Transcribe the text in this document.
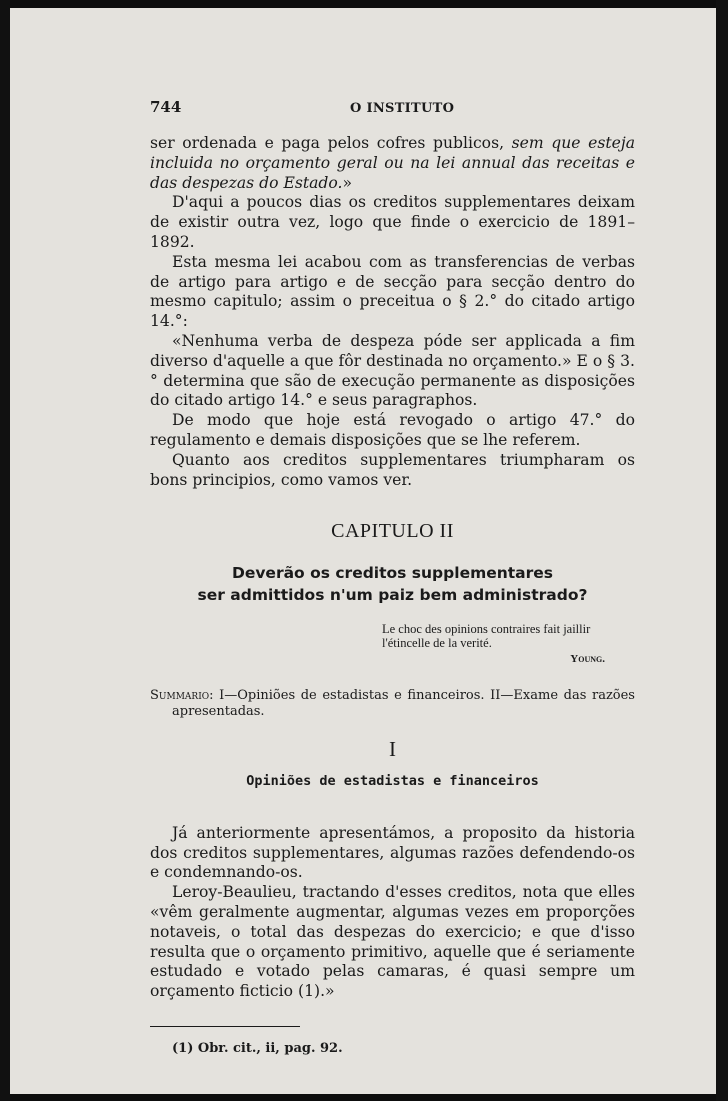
744	O INSTITUTO

ser ordenada e paga pelos cofres publicos, sem que esteja incluida no orçamento geral ou na lei annual das receitas e das despezas do Estado.»

D'aqui a poucos dias os creditos supplementares deixam de existir outra vez, logo que finde o exercicio de 1891–1892.

Esta mesma lei acabou com as transferencias de verbas de artigo para artigo e de secção para secção dentro do mesmo capitulo; assim o preceitua o § 2.° do citado artigo 14.°:

«Nenhuma verba de despeza póde ser applicada a fim diverso d'aquelle a que fôr destinada no orçamento.» E o § 3.° determina que são de execução permanente as disposições do citado artigo 14.° e seus paragraphos.

De modo que hoje está revogado o artigo 47.° do regulamento e demais disposições que se lhe referem.

Quanto aos creditos supplementares triumpharam os bons principios, como vamos ver.

CAPITULO II
Deverão os creditos supplementares
ser admittidos n'um paiz bem administrado?
Le choc des opinions contraires fait jaillir
l'étincelle de la verité.
Young.

Summario: I—Opiniões de estadistas e financeiros. II—Exame das razões apresentadas.

I
Opiniões de estadistas e financeiros

Já anteriormente apresentámos, a proposito da historia dos creditos supplementares, algumas razões defendendo-os e condemnando-os.

Leroy-Beaulieu, tractando d'esses creditos, nota que elles «vêm geralmente augmentar, algumas vezes em proporções notaveis, o total das despezas do exercicio; e que d'isso resulta que o orçamento primitivo, aquelle que é seriamente estudado e votado pelas camaras, é quasi sempre um orçamento ficticio (1).»

(1) Obr. cit., ii, pag. 92.
